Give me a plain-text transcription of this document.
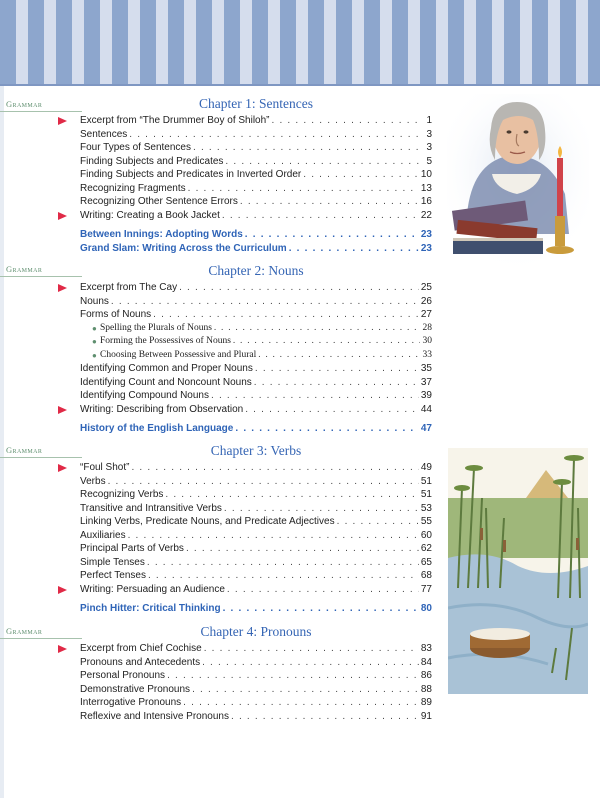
Grammar	Chapter 1: Sentences
Excerpt from “The Drummer Boy of Shiloh” . . .	1
Sentences . . .	3
Four Types of Sentences . . .	3
Finding Subjects and Predicates . . .	5
Finding Subjects and Predicates in Inverted Order . . .	10
Recognizing Fragments . . .	13
Recognizing Other Sentence Errors . . .	16
Writing: Creating a Book Jacket . . .	22
Between Innings: Adopting Words . . .	23
Grand Slam: Writing Across the Curriculum . . .	23
Grammar	Chapter 2: Nouns
Excerpt from The Cay . . .	25
Nouns . . .	26
Forms of Nouns . . .	27
● Spelling the Plurals of Nouns . . .	28
● Forming the Possessives of Nouns . . .	30
● Choosing Between Possessive and Plural . . .	33
Identifying Common and Proper Nouns . . .	35
Identifying Count and Noncount Nouns . . .	37
Identifying Compound Nouns . . .	39
Writing: Describing from Observation . . .	44
History of the English Language . . .	47
Grammar	Chapter 3: Verbs
“Foul Shot” . . .	49
Verbs . . .	51
Recognizing Verbs . . .	51
Transitive and Intransitive Verbs . . .	53
Linking Verbs, Predicate Nouns, and Predicate Adjectives . . .	55
Auxiliaries . . .	60
Principal Parts of Verbs . . .	62
Simple Tenses . . .	65
Perfect Tenses . . .	68
Writing: Persuading an Audience . . .	77
Pinch Hitter: Critical Thinking . . .	80
Grammar	Chapter 4: Pronouns
Excerpt from Chief Cochise . . .	83
Pronouns and Antecedents . . .	84
Personal Pronouns . . .	86
Demonstrative Pronouns . . .	88
Interrogative Pronouns . . .	89
Reflexive and Intensive Pronouns . . .	91
